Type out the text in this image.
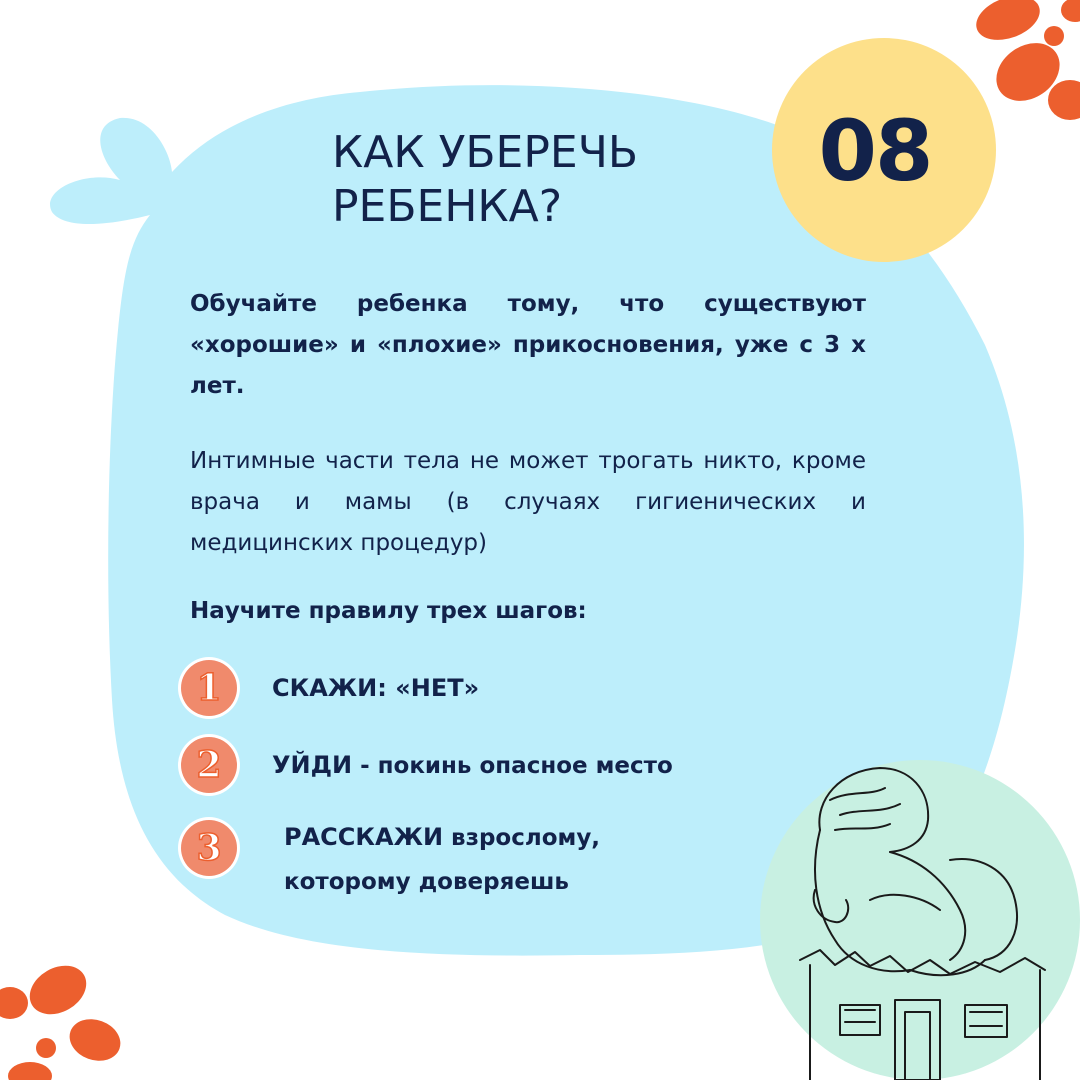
КАК УБЕРЕЧЬ
РЕБЕНКА?
08

Обучайте ребенка тому, что существуют «хорошие» и «плохие» прикосновения, уже с 3 х лет.

Интимные части тела не может трогать никто, кроме врача и мамы (в случаях гигиенических и медицинских процедур)

Научите правилу трех шагов:

1 СКАЖИ: «НЕТ»
2 УЙДИ - покинь опасное место
3	РАССКАЖИ взрослому,
которому доверяешь
